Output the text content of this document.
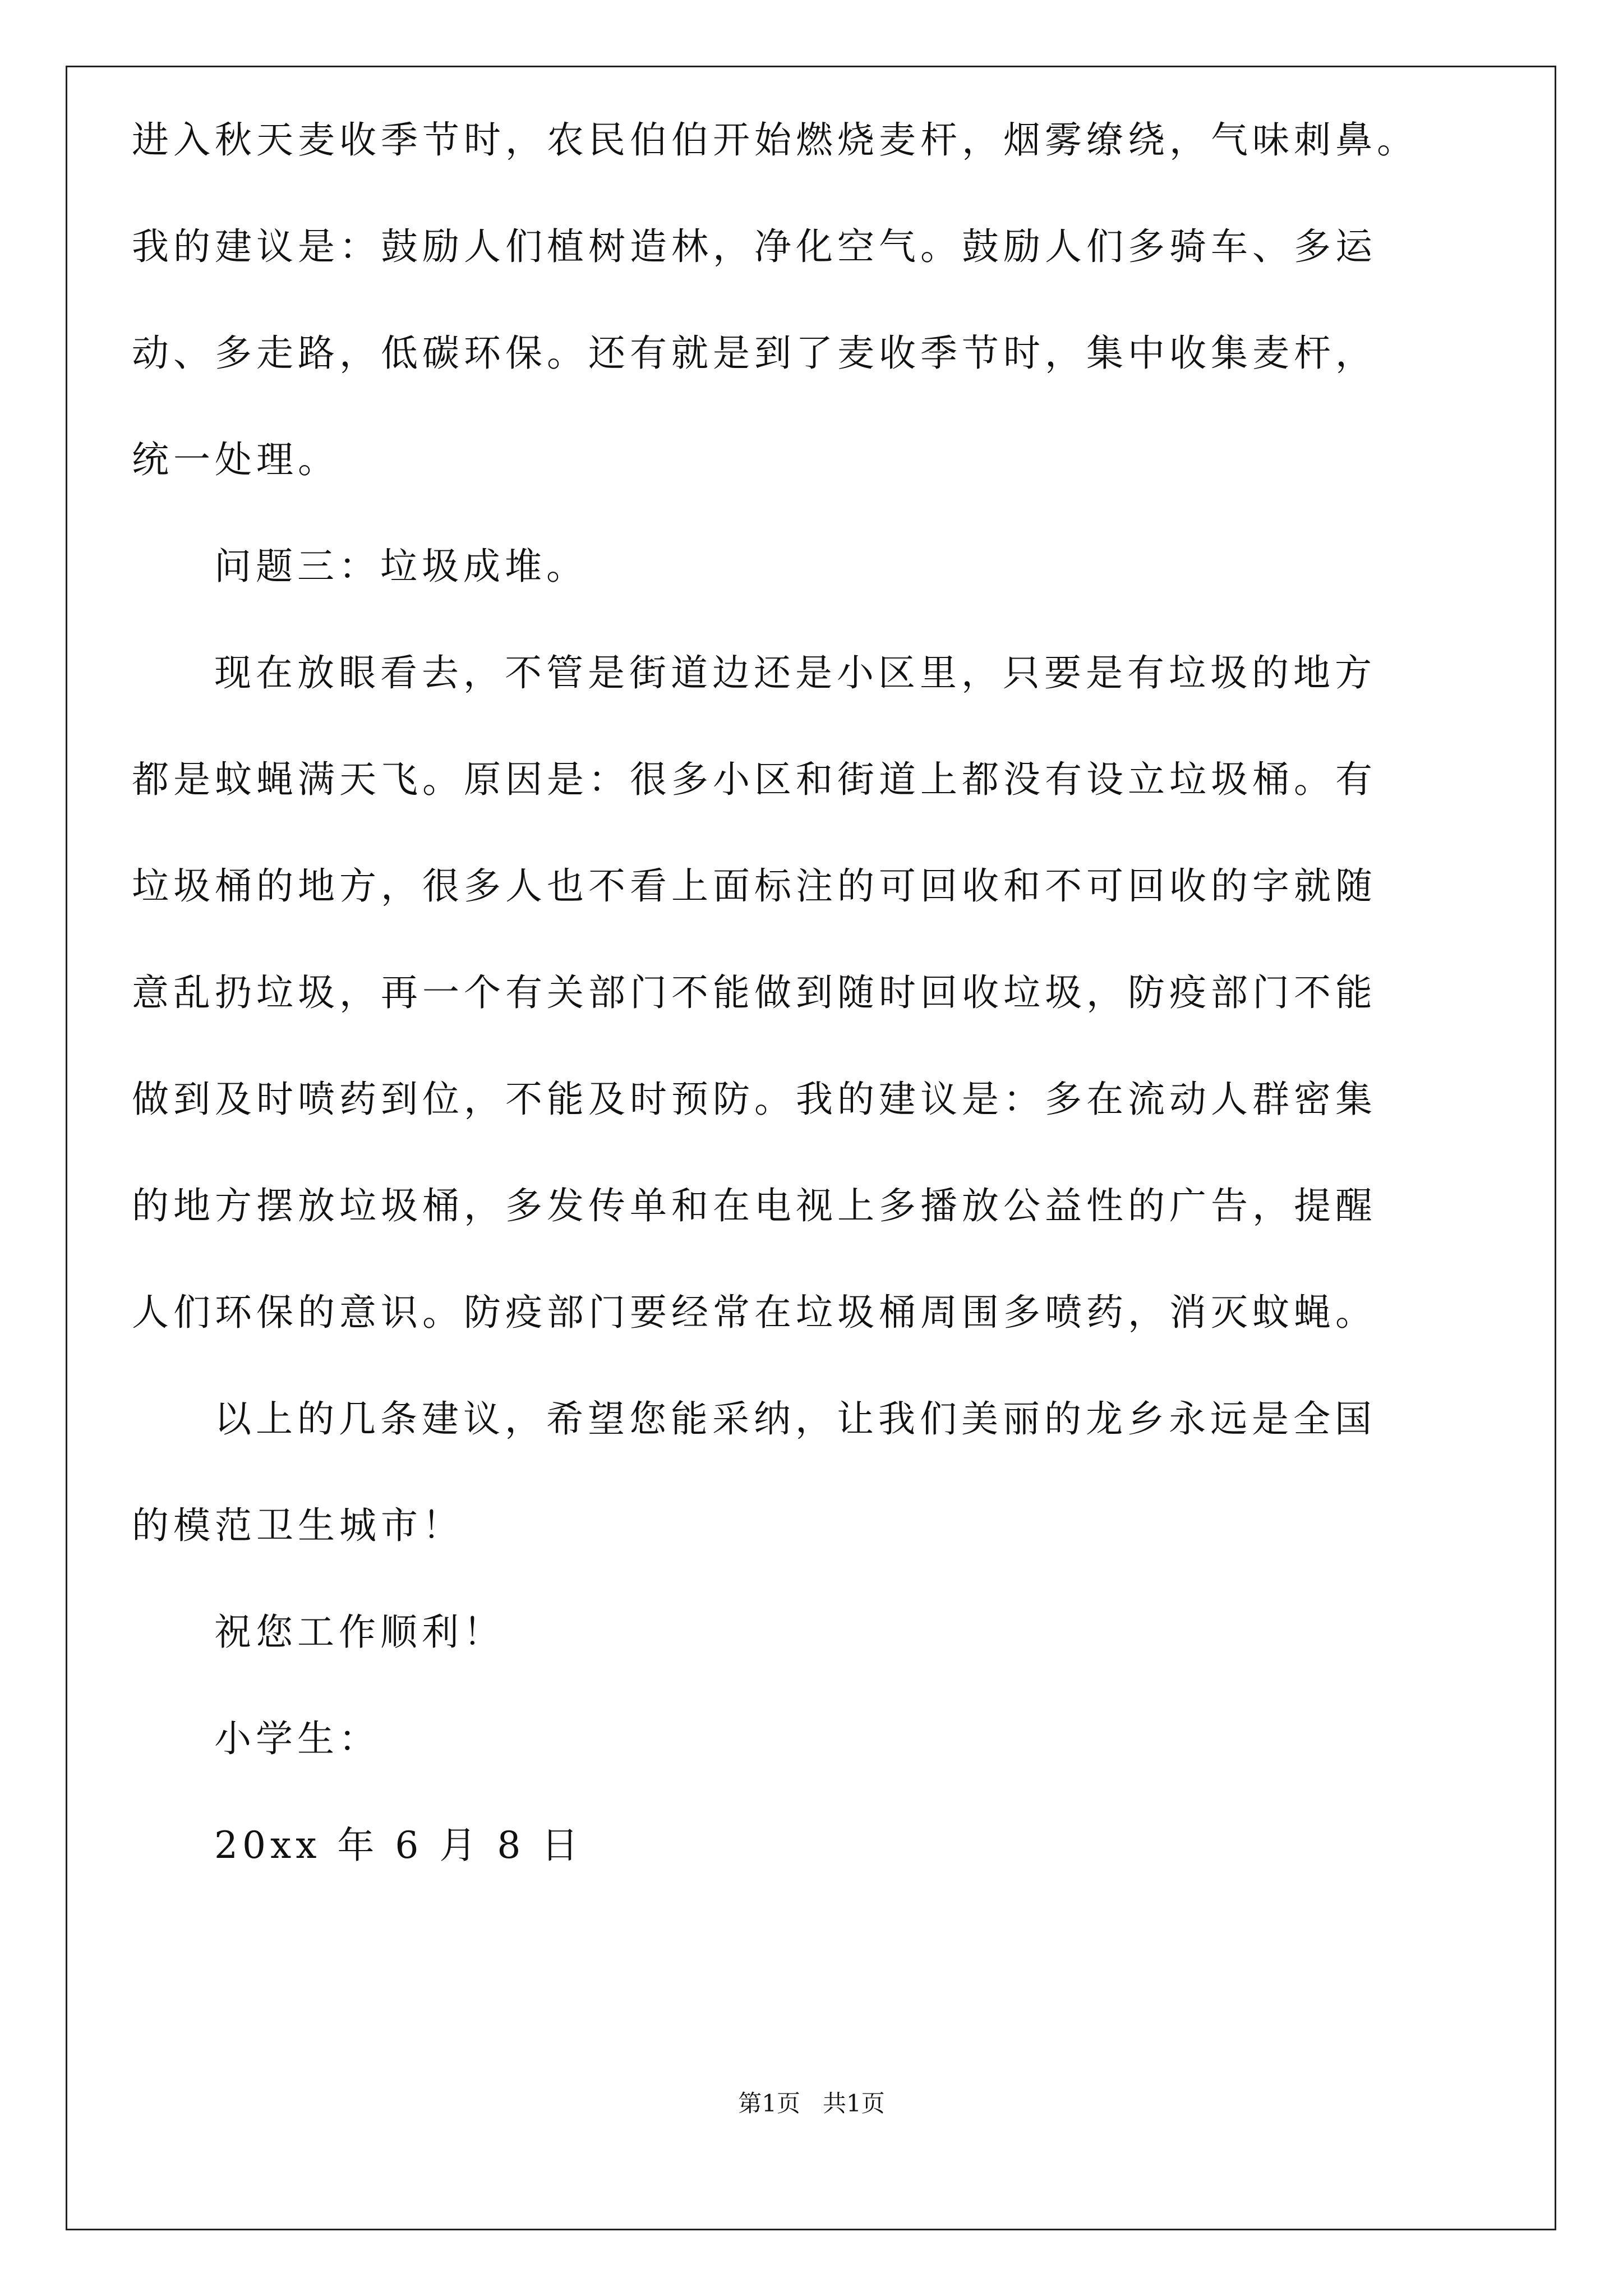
进入秋天麦收季节时，农民伯伯开始燃烧麦杆，烟雾缭绕，气味刺鼻。
我的建议是：鼓励人们植树造林，净化空气。鼓励人们多骑车、多运
动、多走路，低碳环保。还有就是到了麦收季节时，集中收集麦杆，
统一处理。
问题三：垃圾成堆。
现在放眼看去，不管是街道边还是小区里，只要是有垃圾的地方
都是蚊蝇满天飞。原因是：很多小区和街道上都没有设立垃圾桶。有
垃圾桶的地方，很多人也不看上面标注的可回收和不可回收的字就随
意乱扔垃圾，再一个有关部门不能做到随时回收垃圾，防疫部门不能
做到及时喷药到位，不能及时预防。我的建议是：多在流动人群密集
的地方摆放垃圾桶，多发传单和在电视上多播放公益性的广告，提醒
人们环保的意识。防疫部门要经常在垃圾桶周围多喷药，消灭蚊蝇。
以上的几条建议，希望您能采纳，让我们美丽的龙乡永远是全国
的模范卫生城市！
祝您工作顺利！
小学生：
20xx 年 6 月 8 日
第1页   共1页
